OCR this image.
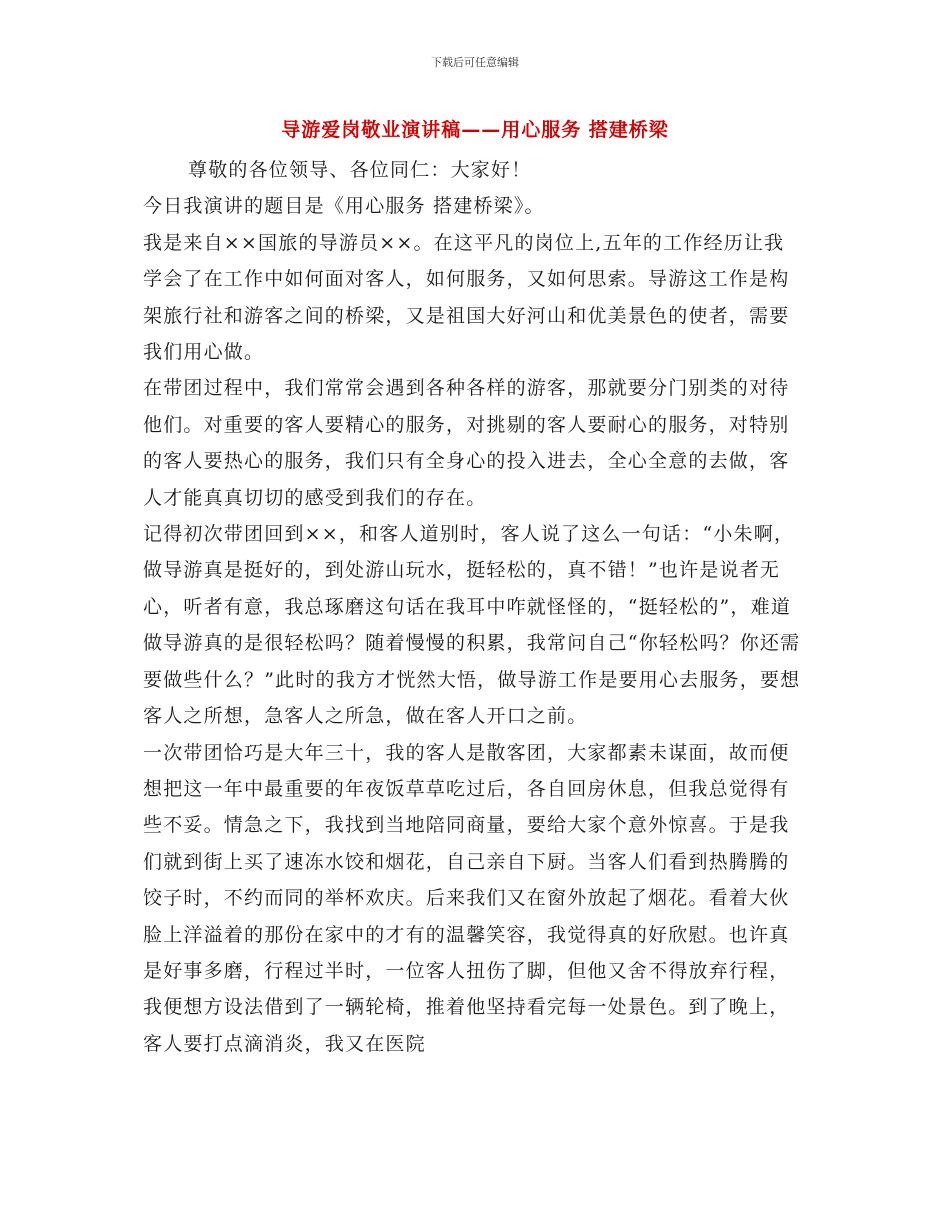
下载后可任意编辑
导游爱岗敬业演讲稿——用心服务 搭建桥梁

尊敬的各位领导、各位同仁：大家好！

今日我演讲的题目是《用心服务 搭建桥梁》。

我是来自××国旅的导游员××。在这平凡的岗位上,五年的工作经历让我学会了在工作中如何面对客人，如何服务，又如何思索。导游这工作是构架旅行社和游客之间的桥梁，又是祖国大好河山和优美景色的使者，需要我们用心做。

在带团过程中，我们常常会遇到各种各样的游客，那就要分门别类的对待他们。对重要的客人要精心的服务，对挑剔的客人要耐心的服务，对特别的客人要热心的服务，我们只有全身心的投入进去，全心全意的去做，客人才能真真切切的感受到我们的存在。

记得初次带团回到××，和客人道别时，客人说了这么一句话：“小朱啊，做导游真是挺好的，到处游山玩水，挺轻松的，真不错！”也许是说者无心，听者有意，我总琢磨这句话在我耳中咋就怪怪的，“挺轻松的”，难道做导游真的是很轻松吗？随着慢慢的积累，我常问自己“你轻松吗？你还需要做些什么？”此时的我方才恍然大悟，做导游工作是要用心去服务，要想客人之所想，急客人之所急，做在客人开口之前。

一次带团恰巧是大年三十，我的客人是散客团，大家都素未谋面，故而便想把这一年中最重要的年夜饭草草吃过后，各自回房休息，但我总觉得有些不妥。情急之下，我找到当地陪同商量，要给大家个意外惊喜。于是我们就到街上买了速冻水饺和烟花，自己亲自下厨。当客人们看到热腾腾的饺子时，不约而同的举杯欢庆。后来我们又在窗外放起了烟花。看着大伙脸上洋溢着的那份在家中的才有的温馨笑容，我觉得真的好欣慰。也许真是好事多磨，行程过半时，一位客人扭伤了脚，但他又舍不得放弃行程，我便想方设法借到了一辆轮椅，推着他坚持看完每一处景色。到了晚上，客人要打点滴消炎，我又在医院
